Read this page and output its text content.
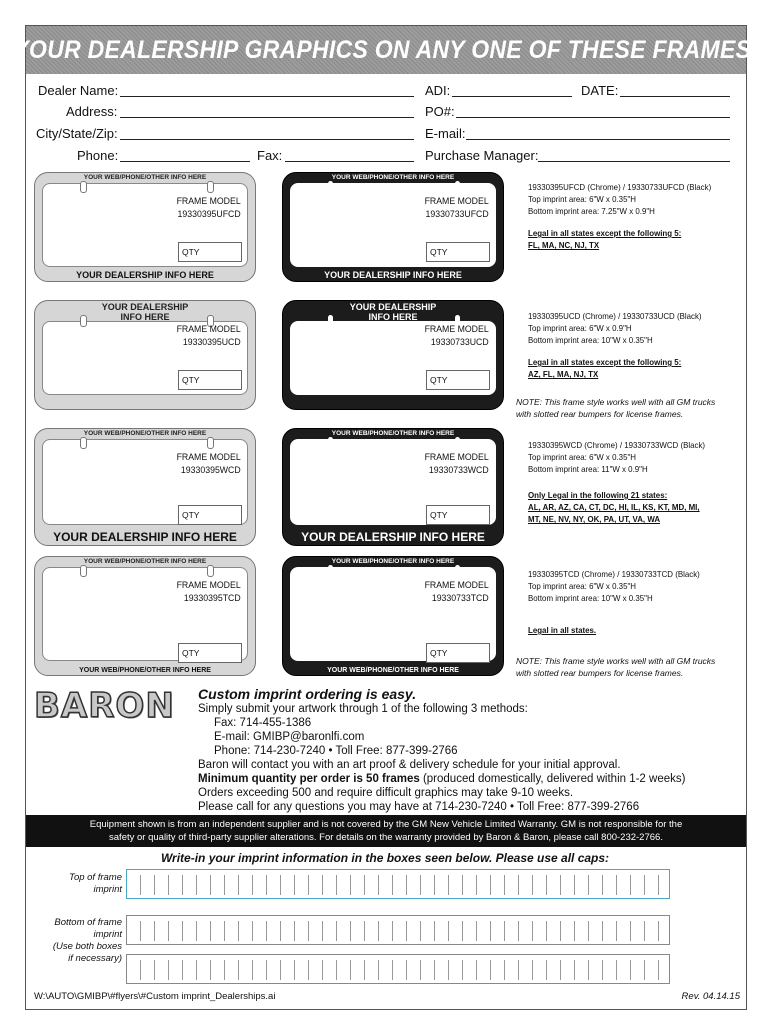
YOUR DEALERSHIP GRAPHICS ON ANY ONE OF THESE FRAMES!
Dealer Name:	ADI:	DATE:
Address:	PO#:
City/State/Zip:	E-mail:
Phone:	Fax:	Purchase Manager:
YOUR WEB/PHONE/OTHER INFO HERE
FRAME MODEL
19330395UFCD
QTY
YOUR DEALERSHIP INFO HERE
YOUR WEB/PHONE/OTHER INFO HERE
FRAME MODEL
19330733UFCD
QTY
YOUR DEALERSHIP INFO HERE
19330395UFCD (Chrome) / 19330733UFCD (Black)
Top imprint area: 6"W x 0.35"H
Bottom imprint area: 7.25"W x 0.9"H
Legal in all states except the following 5:
FL, MA, NC, NJ, TX
YOUR DEALERSHIP
INFO HERE
FRAME MODEL
19330395UCD
QTY
YOUR DEALERSHIP
INFO HERE
FRAME MODEL
19330733UCD
QTY
19330395UCD (Chrome) / 19330733UCD (Black)
Top imprint area: 6"W x 0.9"H
Bottom imprint area: 10"W x 0.35"H
Legal in all states except the following 5:
AZ, FL, MA, NJ, TX
NOTE: This frame style works well with all GM trucks
with slotted rear bumpers for license frames.
YOUR WEB/PHONE/OTHER INFO HERE
FRAME MODEL
19330395WCD
QTY
YOUR DEALERSHIP INFO HERE
YOUR WEB/PHONE/OTHER INFO HERE
FRAME MODEL
19330733WCD
QTY
YOUR DEALERSHIP INFO HERE
19330395WCD (Chrome) / 19330733WCD (Black)
Top imprint area: 6"W x 0.35"H
Bottom imprint area: 11"W x 0.9"H
Only Legal in the following 21 states:
AL, AR, AZ, CA, CT, DC, HI, IL, KS, KT, MD, MI,
MT, NE, NV, NY, OK, PA, UT, VA, WA
YOUR WEB/PHONE/OTHER INFO HERE
FRAME MODEL
19330395TCD
QTY
YOUR WEB/PHONE/OTHER INFO HERE
YOUR WEB/PHONE/OTHER INFO HERE
FRAME MODEL
19330733TCD
QTY
YOUR WEB/PHONE/OTHER INFO HERE
19330395TCD (Chrome) / 19330733TCD (Black)
Top imprint area: 6"W x 0.35"H
Bottom imprint area: 10"W x 0.35"H
Legal in all states.
NOTE: This frame style works well with all GM trucks
with slotted rear bumpers for license frames.
BARON	Custom imprint ordering is easy.
Simply submit your artwork through 1 of the following 3 methods:
Fax: 714-455-1386
E-mail: GMIBP@baronlfi.com
Phone: 714-230-7240 • Toll Free: 877-399-2766
Baron will contact you with an art proof & delivery schedule for your initial approval.
Minimum quantity per order is 50 frames (produced domestically, delivered within 1-2 weeks)
Orders exceeding 500 and require difficult graphics may take 9-10 weeks.
Please call for any questions you may have at 714-230-7240 • Toll Free: 877-399-2766
Equipment shown is from an independent supplier and is not covered by the GM New Vehicle Limited Warranty. GM is not responsible for the
safety or quality of third-party supplier alterations. For details on the warranty provided by Baron & Baron, please call 800-232-2766.
Write-in your imprint information in the boxes seen below. Please use all caps:
Top of frame
imprint
Bottom of frame
imprint
(Use both boxes
if necessary)
W:\AUTO\GMIBP\#flyers\#Custom imprint_Dealerships.ai	Rev. 04.14.15
